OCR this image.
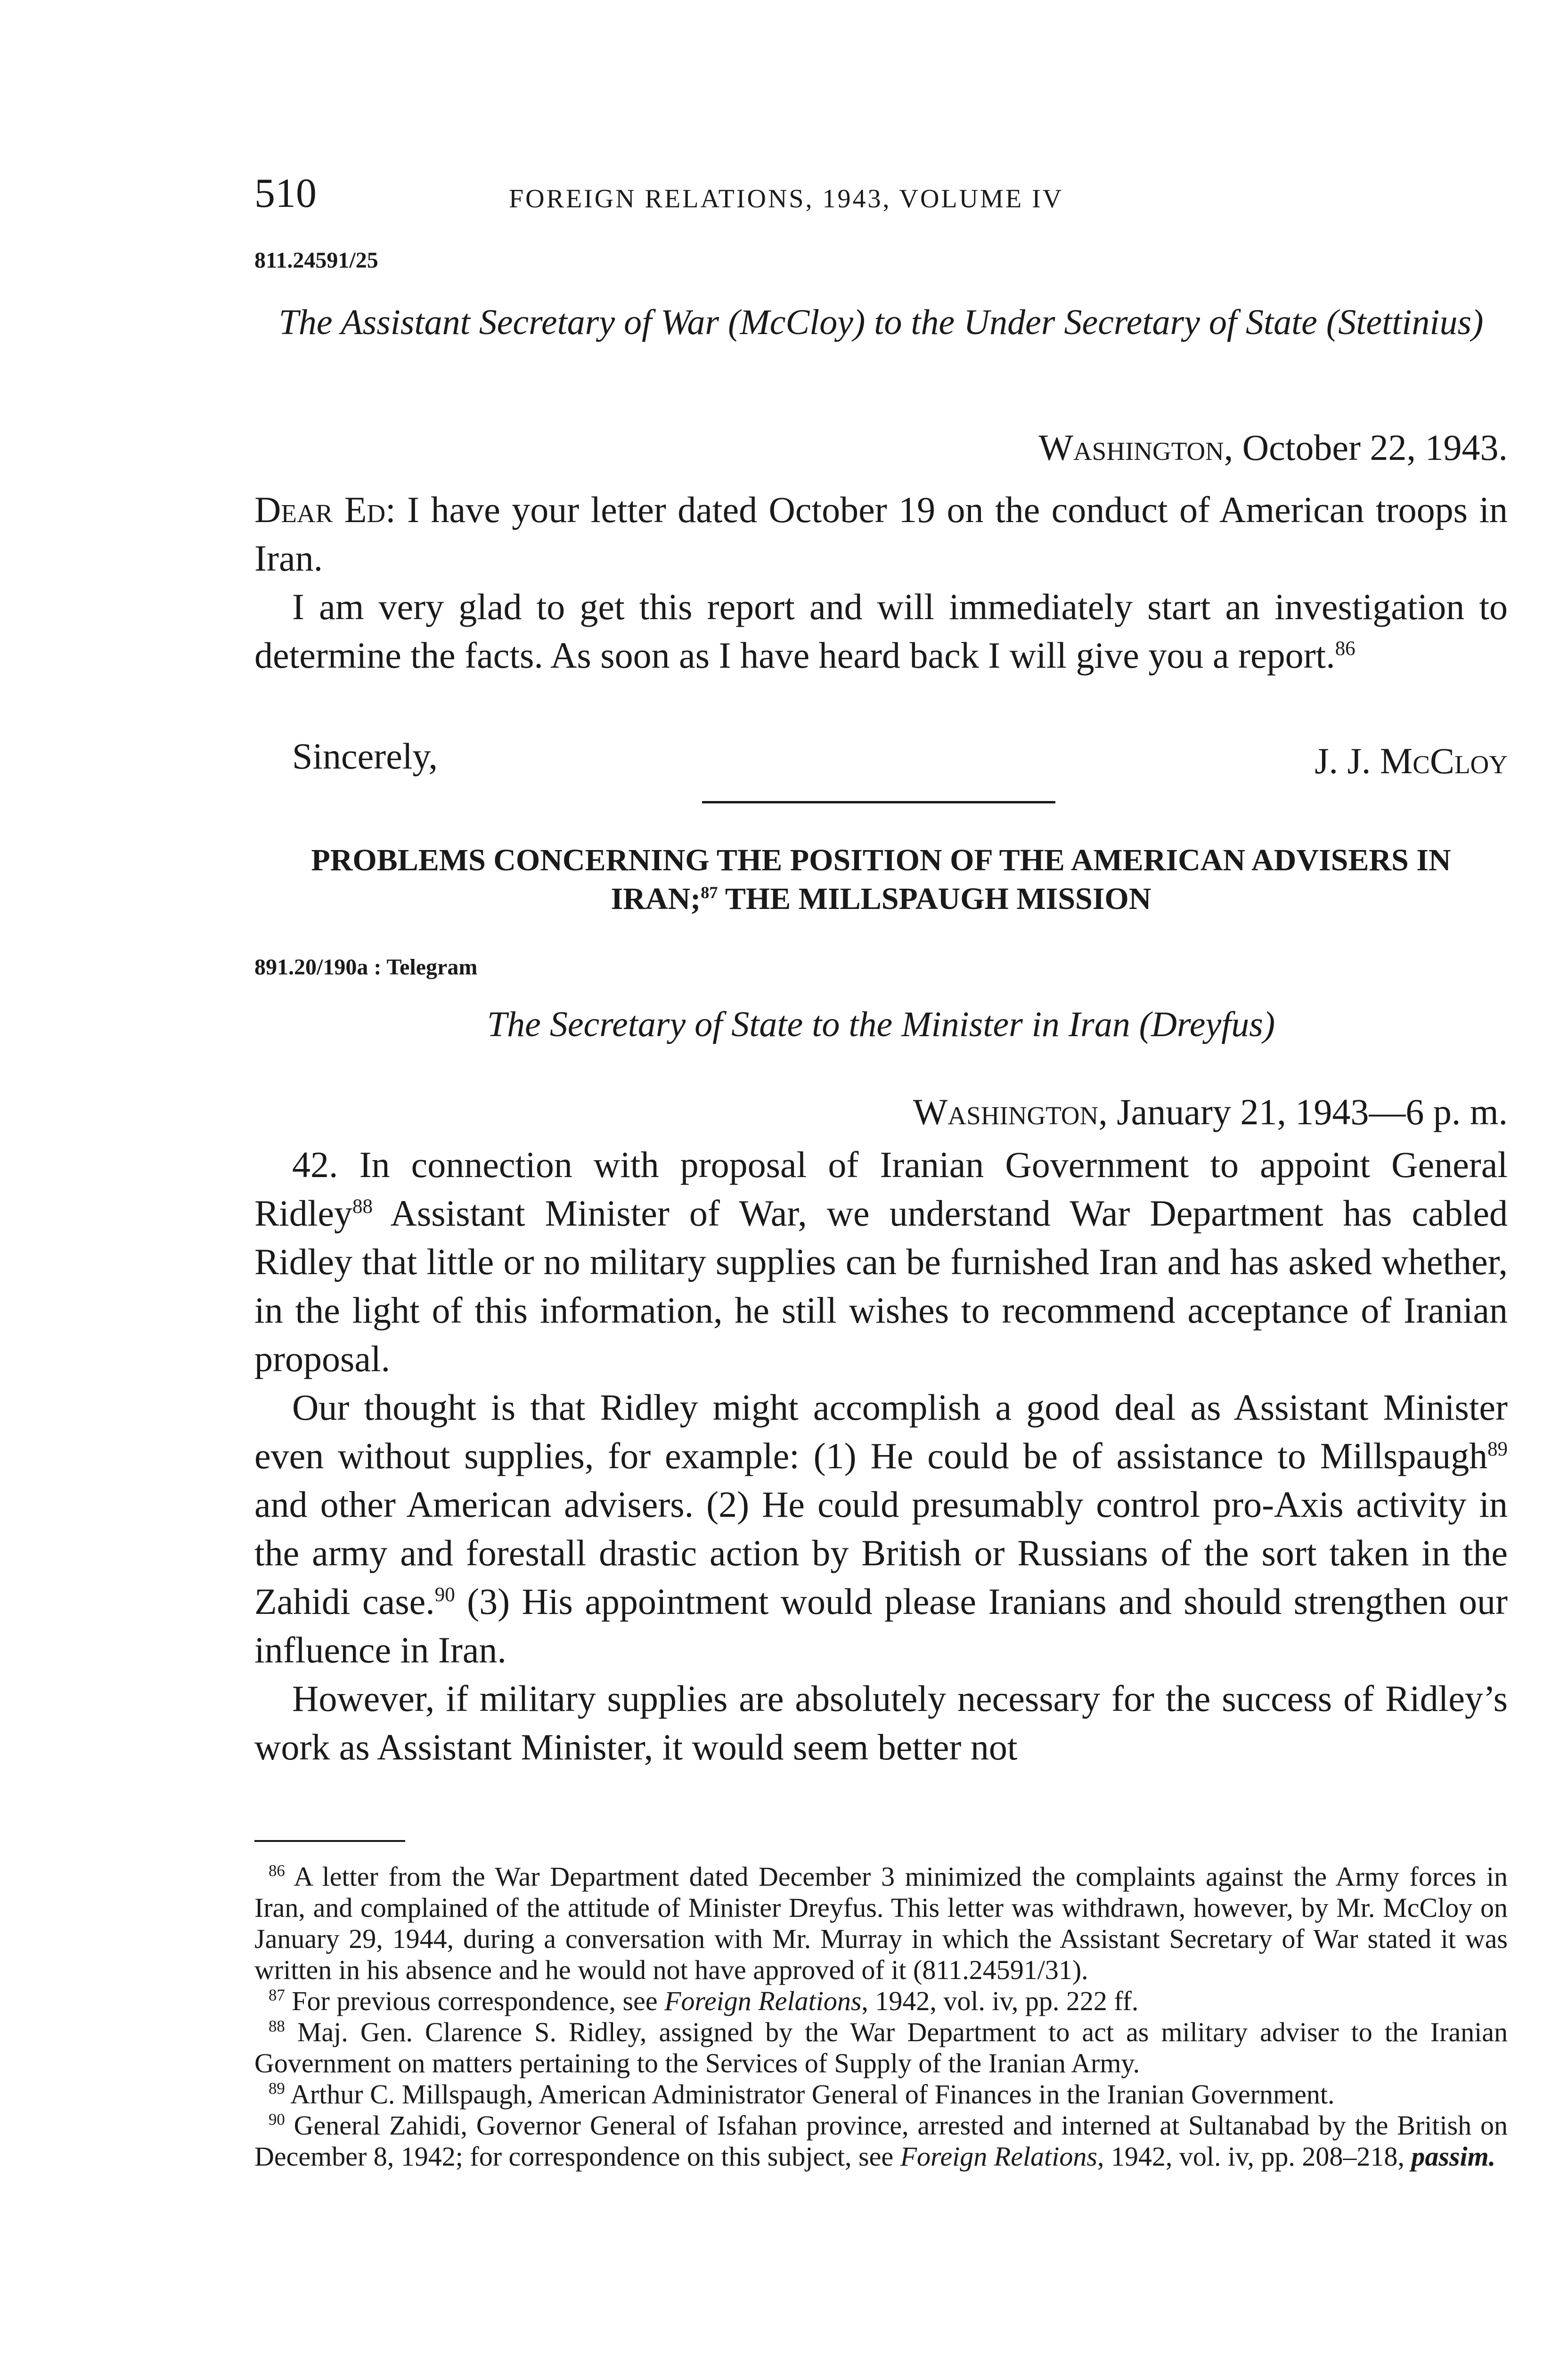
510	FOREIGN RELATIONS, 1943, VOLUME IV
811.24591/25
The Assistant Secretary of War (McCloy) to the Under Secretary of State (Stettinius)
Washington, October 22, 1943.
Dear Ed: I have your letter dated October 19 on the conduct of American troops in Iran.
I am very glad to get this report and will immediately start an investigation to determine the facts. As soon as I have heard back I will give you a report.$^{86}$
Sincerely,	J. J. McCloy
PROBLEMS CONCERNING THE POSITION OF THE AMERICAN ADVISERS IN IRAN;$^{87}$ THE MILLSPAUGH MISSION
891.20/190a : Telegram
The Secretary of State to the Minister in Iran (Dreyfus)
Washington, January 21, 1943—6 p. m.
42. In connection with proposal of Iranian Government to appoint General Ridley$^{88}$ Assistant Minister of War, we understand War Department has cabled Ridley that little or no military supplies can be furnished Iran and has asked whether, in the light of this information, he still wishes to recommend acceptance of Iranian proposal.
Our thought is that Ridley might accomplish a good deal as Assistant Minister even without supplies, for example: (1) He could be of assistance to Millspaugh$^{89}$ and other American advisers. (2) He could presumably control pro-Axis activity in the army and forestall drastic action by British or Russians of the sort taken in the Zahidi case.$^{90}$ (3) His appointment would please Iranians and should strengthen our influence in Iran.
However, if military supplies are absolutely necessary for the success of Ridley’s work as Assistant Minister, it would seem better not

$^{86}$ A letter from the War Department dated December 3 minimized the complaints against the Army forces in Iran, and complained of the attitude of Minister Dreyfus. This letter was withdrawn, however, by Mr. McCloy on January 29, 1944, during a conversation with Mr. Murray in which the Assistant Secretary of War stated it was written in his absence and he would not have approved of it (811.24591/31).

$^{87}$ For previous correspondence, see Foreign Relations, 1942, vol. iv, pp. 222 ff.

$^{88}$ Maj. Gen. Clarence S. Ridley, assigned by the War Department to act as military adviser to the Iranian Government on matters pertaining to the Services of Supply of the Iranian Army.

$^{89}$ Arthur C. Millspaugh, American Administrator General of Finances in the Iranian Government.

$^{90}$ General Zahidi, Governor General of Isfahan province, arrested and interned at Sultanabad by the British on December 8, 1942; for correspondence on this subject, see Foreign Relations, 1942, vol. iv, pp. 208–218, passim.
